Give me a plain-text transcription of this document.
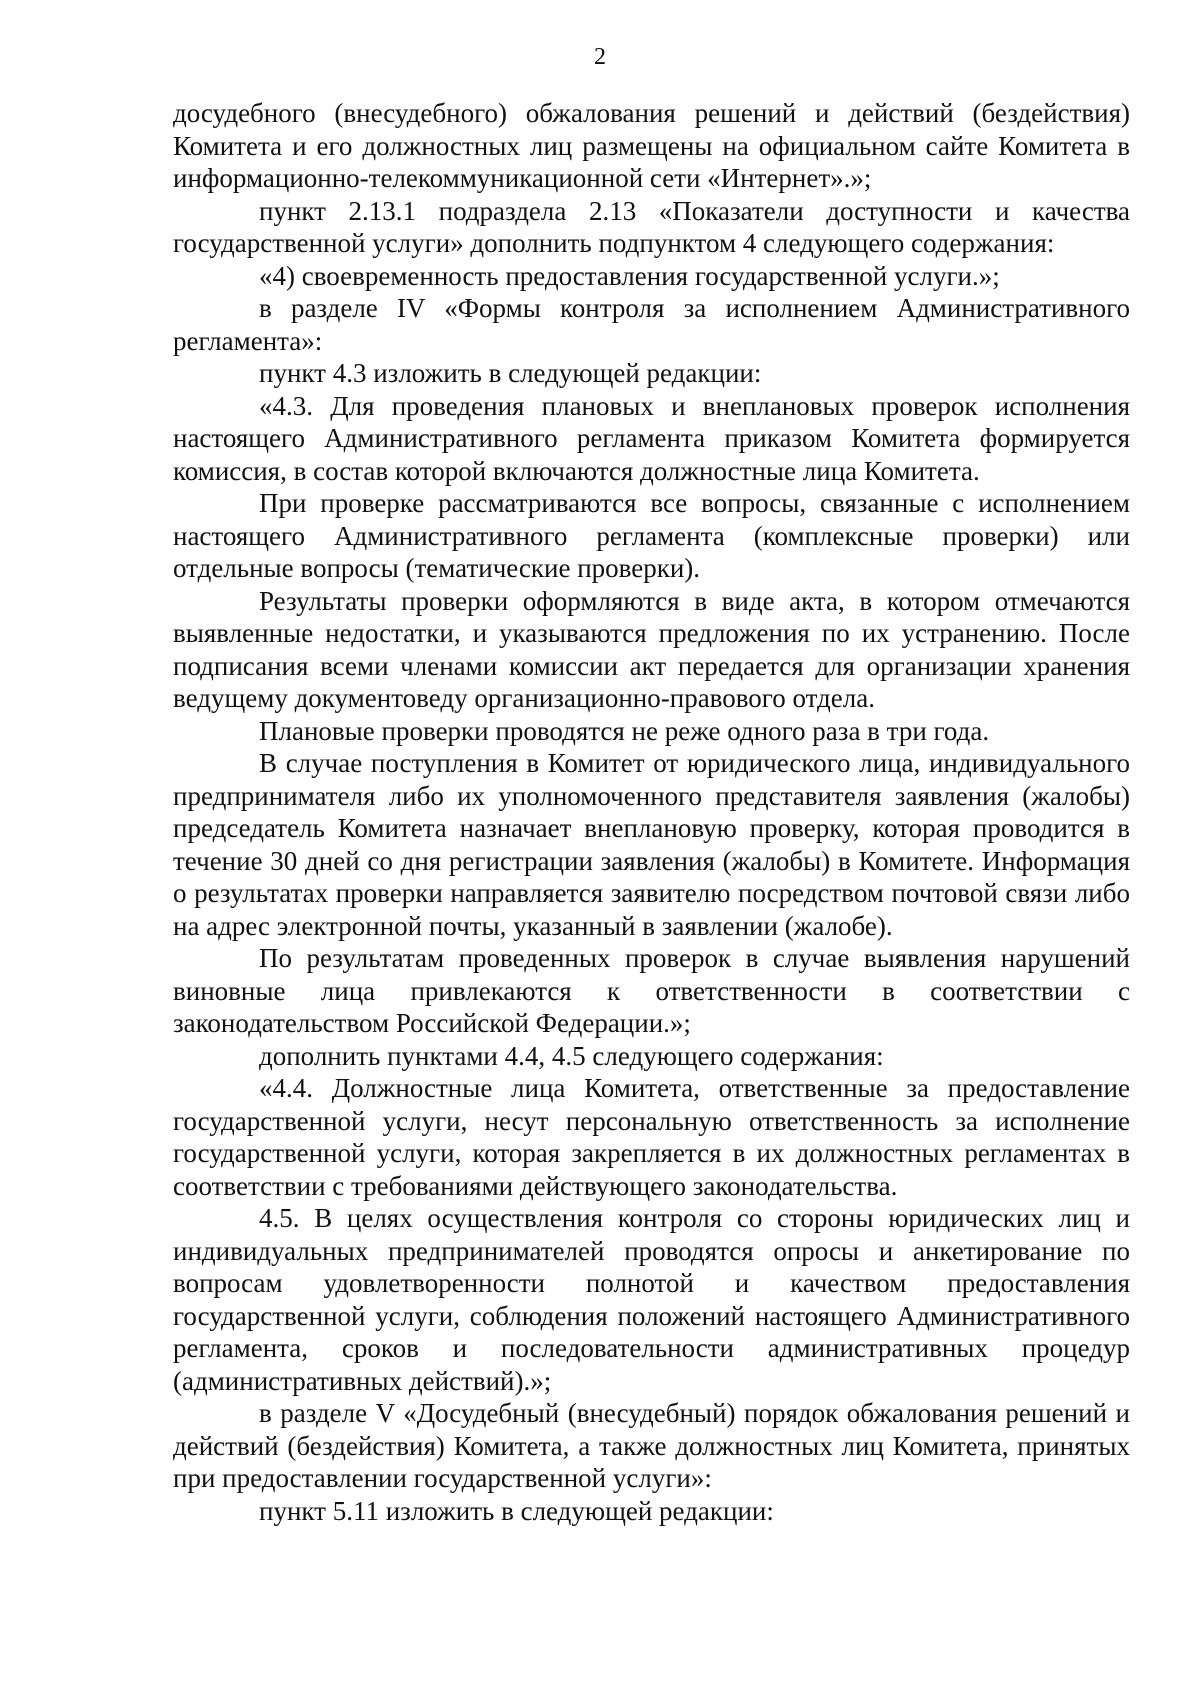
2

досудебного (внесудебного) обжалования решений и действий (бездействия) Комитета и его должностных лиц размещены на официальном сайте Комитета в информационно-телекоммуникационной сети «Интернет».»;

пункт 2.13.1 подраздела 2.13 «Показатели доступности и качества государственной услуги» дополнить подпунктом 4 следующего содержания:

«4) своевременность предоставления государственной услуги.»;

в разделе IV «Формы контроля за исполнением Административного регламента»:

пункт 4.3 изложить в следующей редакции:

«4.3. Для проведения плановых и внеплановых проверок исполнения настоящего Административного регламента приказом Комитета формируется комиссия, в состав которой включаются должностные лица Комитета.

При проверке рассматриваются все вопросы, связанные с исполнением настоящего Административного регламента (комплексные проверки) или отдельные вопросы (тематические проверки).

Результаты проверки оформляются в виде акта, в котором отмечаются выявленные недостатки, и указываются предложения по их устранению. После подписания всеми членами комиссии акт передается для организации хранения ведущему документоведу организационно-правового отдела.

Плановые проверки проводятся не реже одного раза в три года.

В случае поступления в Комитет от юридического лица, индивидуального предпринимателя либо их уполномоченного представителя заявления (жалобы) председатель Комитета назначает внеплановую проверку, которая проводится в течение 30 дней со дня регистрации заявления (жалобы) в Комитете. Информация о результатах проверки направляется заявителю посредством почтовой связи либо на адрес электронной почты, указанный в заявлении (жалобе).

По результатам проведенных проверок в случае выявления нарушений виновные лица привлекаются к ответственности в соответствии с законодательством Российской Федерации.»;

дополнить пунктами 4.4, 4.5 следующего содержания:

«4.4. Должностные лица Комитета, ответственные за предоставление государственной услуги, несут персональную ответственность за исполнение государственной услуги, которая закрепляется в их должностных регламентах в соответствии с требованиями действующего законодательства.

4.5. В целях осуществления контроля со стороны юридических лиц и индивидуальных предпринимателей проводятся опросы и анкетирование по вопросам удовлетворенности полнотой и качеством предоставления государственной услуги, соблюдения положений настоящего Административного регламента, сроков и последовательности административных процедур (административных действий).»;

в разделе V «Досудебный (внесудебный) порядок обжалования решений и действий (бездействия) Комитета, а также должностных лиц Комитета, принятых при предоставлении государственной услуги»:

пункт 5.11 изложить в следующей редакции:
